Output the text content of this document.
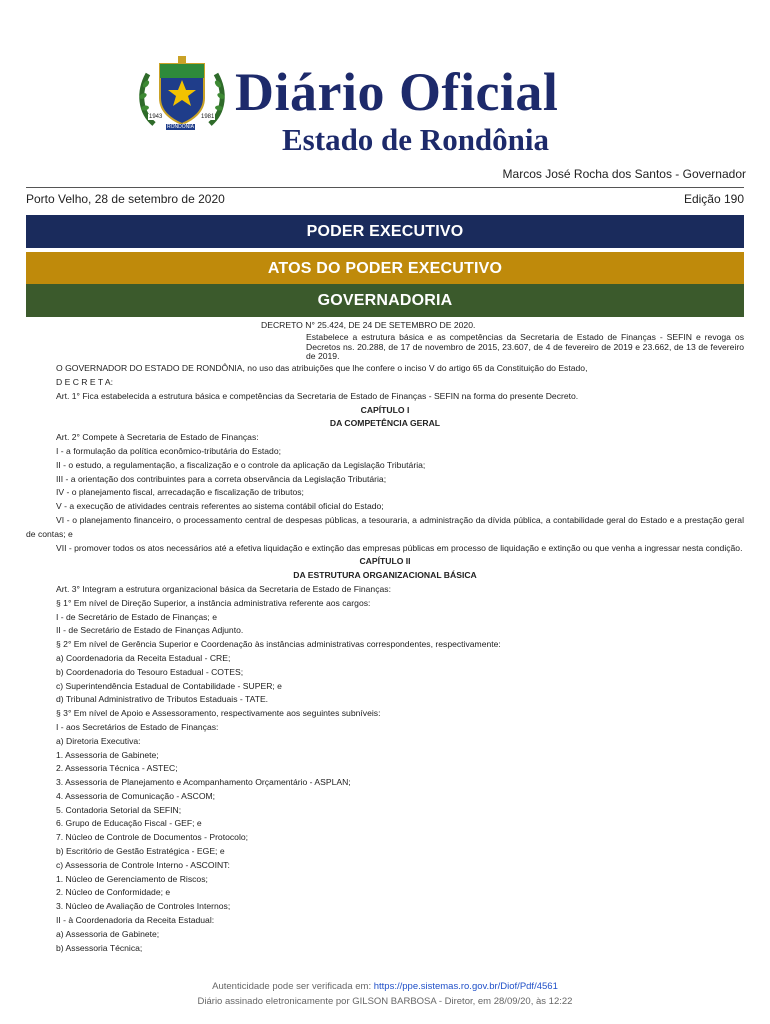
1943	1981
RONDÔNIA
Diário Oficial
Estado de Rondônia
Marcos José Rocha dos Santos - Governador
Porto Velho, 28 de setembro de 2020	Edição 190
PODER EXECUTIVO
ATOS DO PODER EXECUTIVO
GOVERNADORIA
DECRETO N° 25.424, DE 24 DE SETEMBRO DE 2020.
Estabelece a estrutura básica e as competências da Secretaria de Estado de Finanças - SEFIN e revoga os Decretos ns. 20.288, de 17 de novembro de 2015, 23.607, de 4 de fevereiro de 2019 e 23.662, de 13 de fevereiro de 2019.

O GOVERNADOR DO ESTADO DE RONDÔNIA, no uso das atribuições que lhe confere o inciso V do artigo 65 da Constituição do Estado,

D E C R E T A:

Art. 1° Fica estabelecida a estrutura básica e competências da Secretaria de Estado de Finanças - SEFIN na forma do presente Decreto.

CAPÍTULO I

DA COMPETÊNCIA GERAL

Art. 2° Compete à Secretaria de Estado de Finanças:

I - a formulação da política econômico-tributária do Estado;

II - o estudo, a regulamentação, a fiscalização e o controle da aplicação da Legislação Tributária;

III - a orientação dos contribuintes para a correta observância da Legislação Tributária;

IV - o planejamento fiscal, arrecadação e fiscalização de tributos;

V - a execução de atividades centrais referentes ao sistema contábil oficial do Estado;

VI - o planejamento financeiro, o processamento central de despesas públicas, a tesouraria, a administração da dívida pública, a contabilidade geral do Estado e a prestação geral de contas; e

VII - promover todos os atos necessários até a efetiva liquidação e extinção das empresas públicas em processo de liquidação e extinção ou que venha a ingressar nesta condição.

CAPÍTULO II

DA ESTRUTURA ORGANIZACIONAL BÁSICA

Art. 3° Integram a estrutura organizacional básica da Secretaria de Estado de Finanças:

§ 1° Em nível de Direção Superior, a instância administrativa referente aos cargos:

I - de Secretário de Estado de Finanças; e

II - de Secretário de Estado de Finanças Adjunto.

§ 2° Em nível de Gerência Superior e Coordenação às instâncias administrativas correspondentes, respectivamente:

a) Coordenadoria da Receita Estadual - CRE;

b) Coordenadoria do Tesouro Estadual - COTES;

c) Superintendência Estadual de Contabilidade - SUPER; e

d) Tribunal Administrativo de Tributos Estaduais - TATE.

§ 3° Em nível de Apoio e Assessoramento, respectivamente aos seguintes subníveis:

I - aos Secretários de Estado de Finanças:

a) Diretoria Executiva:

1. Assessoria de Gabinete;

2. Assessoria Técnica - ASTEC;

3. Assessoria de Planejamento e Acompanhamento Orçamentário - ASPLAN;

4. Assessoria de Comunicação - ASCOM;

5. Contadoria Setorial da SEFIN;

6. Grupo de Educação Fiscal - GEF; e

7. Núcleo de Controle de Documentos - Protocolo;

b) Escritório de Gestão Estratégica - EGE; e

c) Assessoria de Controle Interno - ASCOINT:

1. Núcleo de Gerenciamento de Riscos;

2. Núcleo de Conformidade; e

3. Núcleo de Avaliação de Controles Internos;

II - à Coordenadoria da Receita Estadual:

a) Assessoria de Gabinete;

b) Assessoria Técnica;

Autenticidade pode ser verificada em: https://ppe.sistemas.ro.gov.br/Diof/Pdf/4561
Diário assinado eletronicamente por GILSON BARBOSA - Diretor, em 28/09/20, às 12:22
